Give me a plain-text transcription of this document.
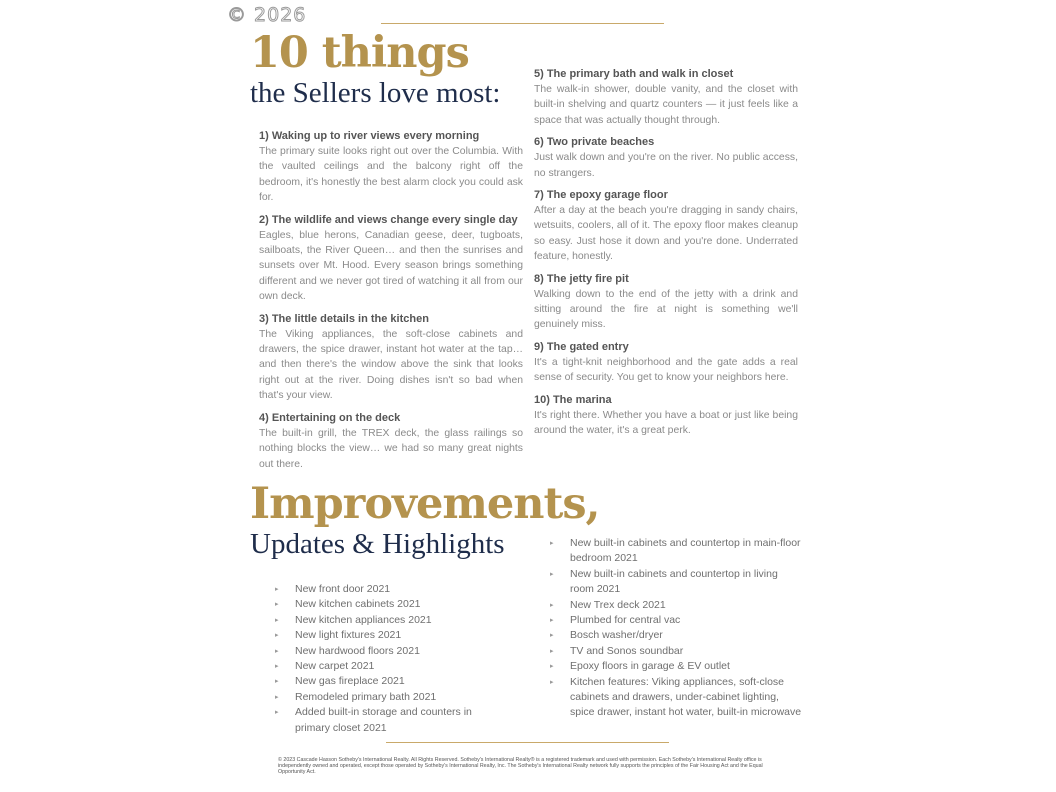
© 2026
10 things
the Sellers love most:
1) Waking up to river views every morning
The primary suite looks right out over the Columbia. With the vaulted ceilings and the balcony right off the bedroom, it's honestly the best alarm clock you could ask for.
2) The wildlife and views change every single day
Eagles, blue herons, Canadian geese, deer, tugboats, sailboats, the River Queen… and then the sunrises and sunsets over Mt. Hood. Every season brings something different and we never got tired of watching it all from our own deck.
3) The little details in the kitchen
The Viking appliances, the soft-close cabinets and drawers, the spice drawer, instant hot water at the tap… and then there's the window above the sink that looks right out at the river. Doing dishes isn't so bad when that's your view.
4) Entertaining on the deck
The built-in grill, the TREX deck, the glass railings so nothing blocks the view… we had so many great nights out there.
5) The primary bath and walk in closet
The walk-in shower, double vanity, and the closet with built-in shelving and quartz counters — it just feels like a space that was actually thought through.
6) Two private beaches
Just walk down and you're on the river. No public access, no strangers.
7) The epoxy garage floor
After a day at the beach you're dragging in sandy chairs, wetsuits, coolers, all of it. The epoxy floor makes cleanup so easy. Just hose it down and you're done. Underrated feature, honestly.
8) The jetty fire pit
Walking down to the end of the jetty with a drink and sitting around the fire at night is something we'll genuinely miss.
9) The gated entry
It's a tight-knit neighborhood and the gate adds a real sense of security. You get to know your neighbors here.
10) The marina
It's right there. Whether you have a boat or just like being around the water, it's a great perk.
Improvements,
Updates & Highlights
▸ New front door 2021
▸ New kitchen cabinets 2021
▸ New kitchen appliances 2021
▸ New light fixtures 2021
▸ New hardwood floors 2021
▸ New carpet 2021
▸ New gas fireplace 2021
▸ Remodeled primary bath 2021
▸ Added built-in storage and counters in primary closet 2021
▸ New built-in cabinets and countertop in main-floor bedroom 2021
▸ New built-in cabinets and countertop in living room 2021
▸ New Trex deck 2021
▸ Plumbed for central vac
▸ Bosch washer/dryer
▸ TV and Sonos soundbar
▸ Epoxy floors in garage & EV outlet
▸ Kitchen features: Viking appliances, soft-close cabinets and drawers, under-cabinet lighting, spice drawer, instant hot water, built-in microwave
© 2023 Cascade Hasson Sotheby's International Realty. All Rights Reserved. Sotheby's International Realty® is a registered trademark and used with permission. Each Sotheby's International Realty office is independently owned and operated, except those operated by Sotheby's International Realty, Inc. The Sotheby's International Realty network fully supports the principles of the Fair Housing Act and the Equal Opportunity Act.
